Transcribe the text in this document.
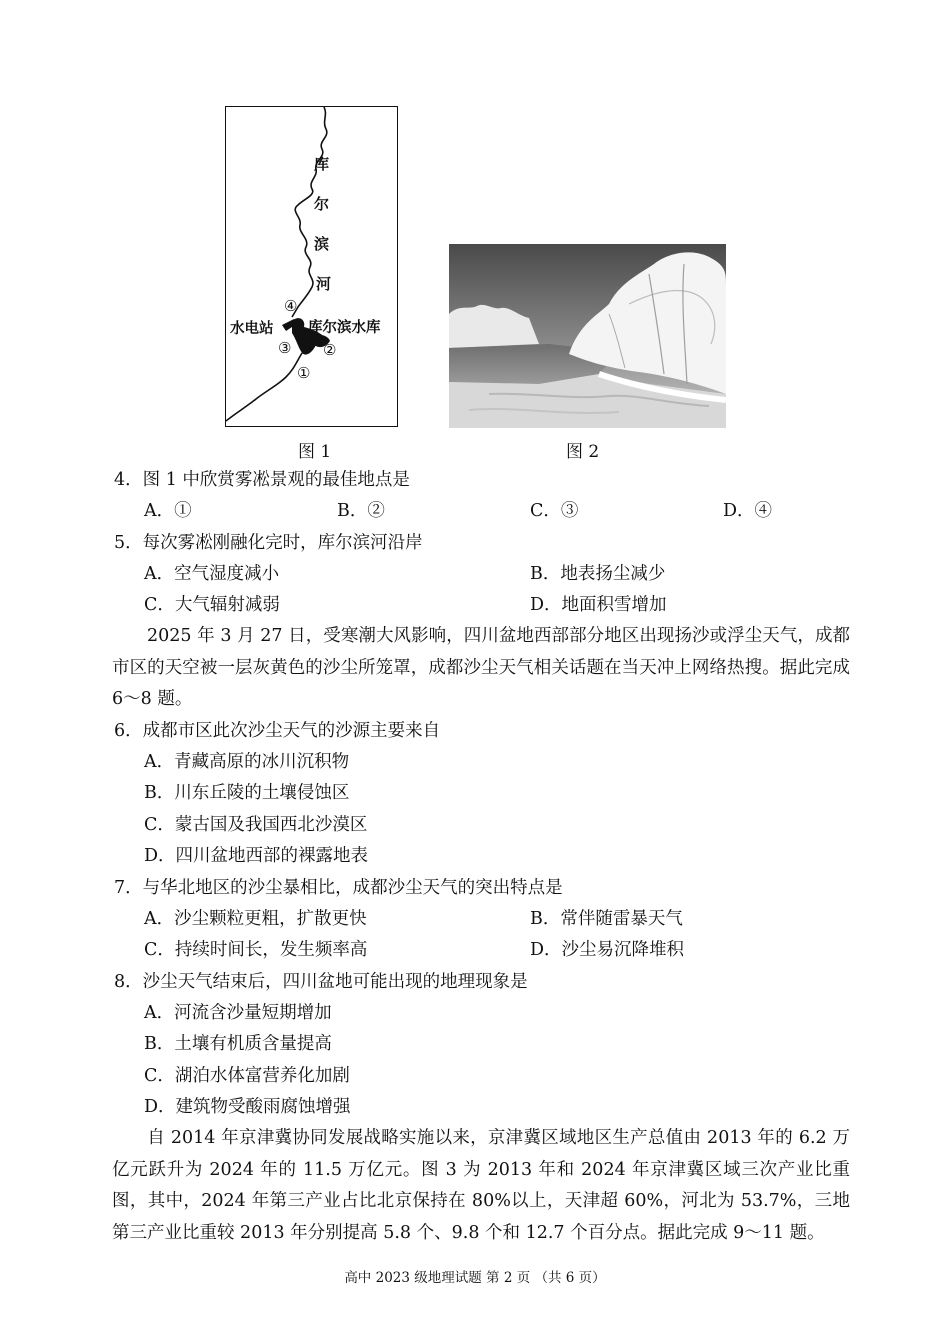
库
尔
滨
河
④
水电站 库尔滨水库
③ ②
①
图 1	图 2
4．图 1 中欣赏雾凇景观的最佳地点是
A．①	B．②	C．③	D．④
5．每次雾凇刚融化完时，库尔滨河沿岸
A．空气湿度减小	B．地表扬尘减少
C．大气辐射减弱	D．地面积雪增加
2025 年 3 月 27 日，受寒潮大风影响，四川盆地西部部分地区出现扬沙或浮尘天气，成都市区的天空被一层灰黄色的沙尘所笼罩，成都沙尘天气相关话题在当天冲上网络热搜。据此完成 6～8 题。
6．成都市区此次沙尘天气的沙源主要来自
A．青藏高原的冰川沉积物
B．川东丘陵的土壤侵蚀区
C．蒙古国及我国西北沙漠区
D．四川盆地西部的裸露地表
7．与华北地区的沙尘暴相比，成都沙尘天气的突出特点是
A．沙尘颗粒更粗，扩散更快	B．常伴随雷暴天气
C．持续时间长，发生频率高	D．沙尘易沉降堆积
8．沙尘天气结束后，四川盆地可能出现的地理现象是
A．河流含沙量短期增加
B．土壤有机质含量提高
C．湖泊水体富营养化加剧
D．建筑物受酸雨腐蚀增强
自 2014 年京津冀协同发展战略实施以来，京津冀区域地区生产总值由 2013 年的 6.2 万亿元跃升为 2024 年的 11.5 万亿元。图 3 为 2013 年和 2024 年京津冀区域三次产业比重图，其中，2024 年第三产业占比北京保持在 80%以上，天津超 60%，河北为 53.7%，三地第三产业比重较 2013 年分别提高 5.8 个、9.8 个和 12.7 个百分点。据此完成 9～11 题。
高中 2023 级地理试题 第 2 页 （共 6 页）
